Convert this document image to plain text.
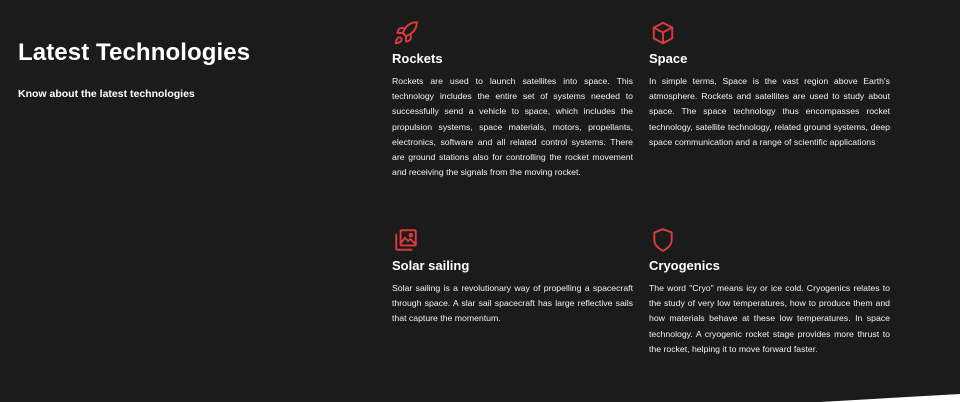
Latest Technologies

Know about the latest technologies

Rockets

Rockets are used to launch satellites into space. This technology includes the entire set of systems needed to successfully send a vehicle to space, which includes the propulsion systems, space materials, motors, propellants, electronics, software and all related control systems. There are ground stations also for controlling the rocket movement and receiving the signals from the moving rocket.

Space

In simple terms, Space is the vast region above Earth's atmosphere. Rockets and satellites are used to study about space. The space technology thus encompasses rocket technology, satellite technology, related ground systems, deep space communication and a range of scientific applications

Solar sailing

Solar sailing is a revolutionary way of propelling a spacecraft through space. A slar sail spacecraft has large reflective sails that capture the momentum.

Cryogenics

The word "Cryo" means icy or ice cold. Cryogenics relates to the study of very low temperatures, how to produce them and how materials behave at these low temperatures. In space technology. A cryogenic rocket stage provides more thrust to the rocket, helping it to move forward faster.
